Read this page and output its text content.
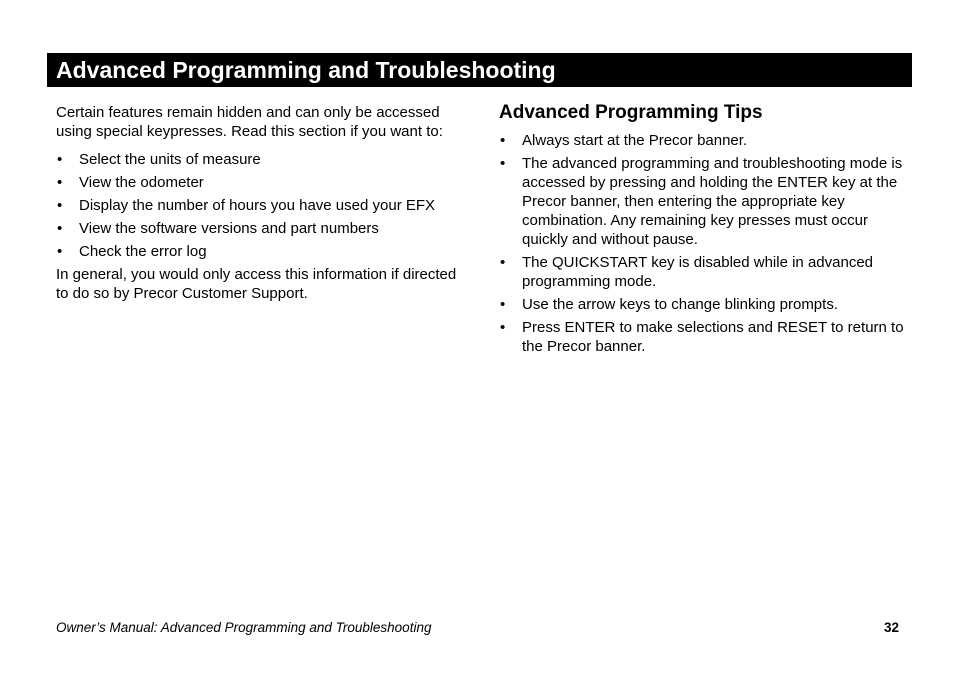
Advanced Programming and Troubleshooting

Certain features remain hidden and can only be accessed using special keypresses. Read this section if you want to:

• Select the units of measure
• View the odometer
• Display the number of hours you have used your EFX
• View the software versions and part numbers
• Check the error log

In general, you would only access this information if directed to do so by Precor Customer Support.

Advanced Programming Tips
• Always start at the Precor banner.
• The advanced programming and troubleshooting mode is accessed by pressing and holding the ENTER key at the Precor banner, then entering the appropriate key combination. Any remaining key presses must occur quickly and without pause.
• The QUICKSTART key is disabled while in advanced programming mode.
• Use the arrow keys to change blinking prompts.
• Press ENTER to make selections and RESET to return to the Precor banner.
Owner’s Manual: Advanced Programming and Troubleshooting	32
